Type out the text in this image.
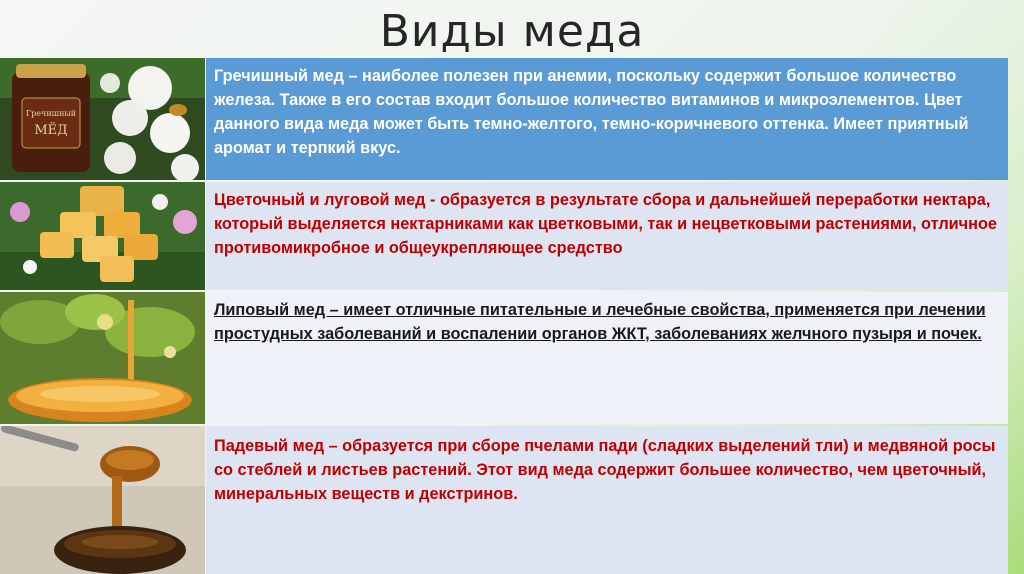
Виды меда
Гречишный
МЁД
Гречишный мед – наиболее полезен при анемии, поскольку содержит большое количество железа. Также в его состав входит большое количество витаминов и микроэлементов. Цвет данного вида меда может быть темно-желтого, темно-коричневого оттенка. Имеет приятный аромат и терпкий вкус.
Цветочный и луговой мед - образуется в результате сбора и дальнейшей переработки нектара, который выделяется нектарниками как цветковыми, так и нецветковыми растениями, отличное противомикробное и общеукрепляющее средство
Липовый мед – имеет отличные питательные и лечебные свойства, применяется при лечении простудных заболеваний и воспалении органов ЖКТ, заболеваниях желчного пузыря и почек.
Падевый мед – образуется при сборе пчелами пади (сладких выделений тли) и медвяной росы со стеблей и листьев растений. Этот вид меда содержит большее количество, чем цветочный, минеральных веществ и декстринов.
